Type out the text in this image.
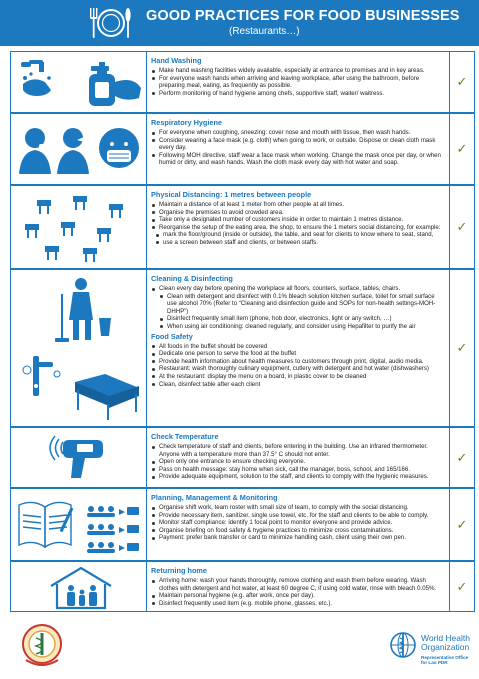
GOOD PRACTICES FOR FOOD BUSINESSES
(Restaurants…)
Hand Washing
Make hand washing facilities widely available, especially at entrance to premises and in key areas.
For everyone wash hands when arriving and leaving workplace, after using the bathroom, before preparing meal, eating, as frequently as possible.
Perform monitoring of hand hygiene among chefs, supportive staff, waiter/ waitress.
✓
Respiratory Hygiene
For everyone when coughing, sneezing: cover nose and mouth with tissue, then wash hands.
Consider wearing a face mask (e.g. cloth) when going to work, or outside. Dispose or clean cloth mask every day.
Following MOH directive, staff wear a face mask when working. Change the mask once per day, or when humid or dirty, and wash hands. Wash the cloth mask every day with hot water and soap.
✓
Physical Distancing: 1 metres between people
Maintain a distance of at least 1 meter from other people at all times.
Organise the premises to avoid crowded area.
Take only a designated number of customers inside in order to maintain 1 metres distance.
Reorganise the setup of the eating area, the shop, to ensure the 1 meters social distancing, for example:
mark the floor/ground (inside or outside), the table, and seat for clients to know where to seat, stand,
use a screen between staff and clients, or between staffs.
✓
Cleaning & Disinfecting
Clean every day before opening the workplace all floors, counters, surface, tables, chairs.
Clean with detergent and disinfect with 0.1% bleach solution kitchen surface, toilet for small surface use alcohol 70% (Refer to “Cleaning and disinfection guide and SOPs for non-health settings-MOH-DHHP”)
Disinfect frequently small item (phone, hob door, electronics, light or any switch, …)
When using air conditioning: cleaned regularly, and consider using Hepafilter to purify the air
Food Safety
All foods in the buffet should be covered
Dedicate one person to serve the food at the buffet
Provide health information about health measures to customers through print, digital, audio media.
Restaurant: wash thoroughly culinary equipment, cutlery with detergent and hot water (dishwashers)
At the restaurant: display the menu on a board, in plastic cover to be cleaned
Clean, disinfect table after each client
✓
Check Temperature
Check temperature of staff and clients, before entering in the building. Use an infrared thermometer. Anyone with a temperature more than 37.5° C should not enter.
Open only one entrance to ensure checking everyone.
Pass on health message: stay home when sick, call the manager, boss, school, and 165/166.
Provide adequate equipment, solution to the staff, and clients to comply with the hygienic measures.
✓
Planning, Management & Monitoring
Organise shift work, team roster with small size of team, to comply with the social distancing.
Provide necessary item, sanitizer, single use towel, etc. for the staff and clients to be able to comply.
Monitor staff compliance: identify 1 focal point to monitor everyone and provide advice.
Organise briefing on food safety & hygiene practices to minimize cross contaminations.
Payment: prefer bank transfer or card to minimize handling cash, client using their own pen.
✓
Returning home
Arriving home: wash your hands thoroughly, remove clothing and wash them before wearing. Wash clothes with detergent and hot water, at least 60 degree C, if using cold water, rinse with bleach 0.05%.
Maintain personal hygiene (e.g. after work, once per day).
Disinfect frequently used item (e.g. mobile phone, glasses, etc.).
✓
World Health
Organization
Representative Office
for Lao PDR
